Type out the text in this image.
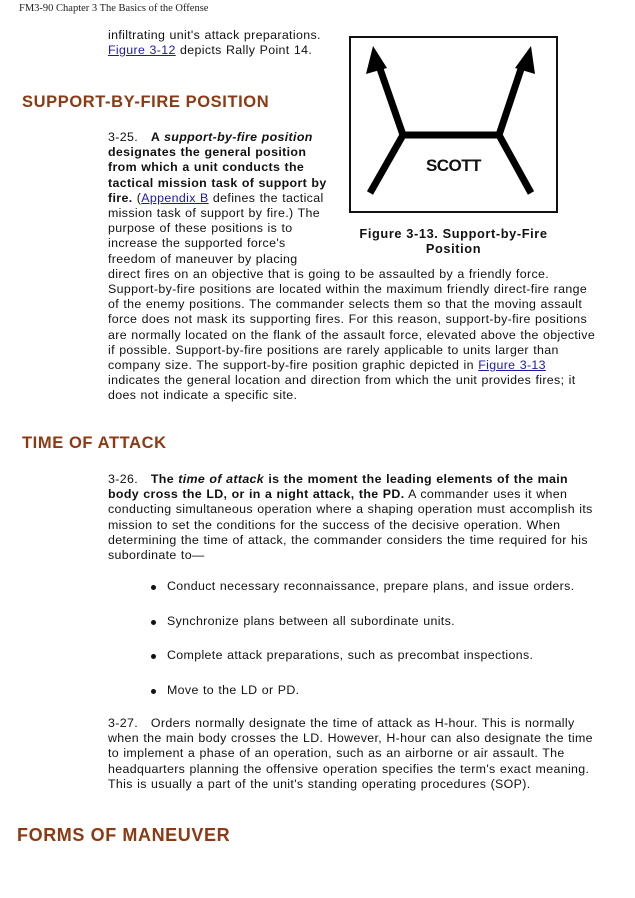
FM3-90 Chapter 3 The Basics of the Offense
infiltrating unit's attack preparations. Figure 3-12 depicts Rally Point 14.
SUPPORT-BY-FIRE POSITION
SCOTT
Figure 3-13. Support-by-Fire Position
3-25. A support-by-fire position designates the general position from which a unit conducts the tactical mission task of support by fire. (Appendix B defines the tactical mission task of support by fire.) The purpose of these positions is to increase the supported force's freedom of maneuver by placing direct fires on an objective that is going to be assaulted by a friendly force. Support-by-fire positions are located within the maximum friendly direct-fire range of the enemy positions. The commander selects them so that the moving assault force does not mask its supporting fires. For this reason, support-by-fire positions are normally located on the flank of the assault force, elevated above the objective if possible. Support-by-fire positions are rarely applicable to units larger than company size. The support-by-fire position graphic depicted in Figure 3-13 indicates the general location and direction from which the unit provides fires; it does not indicate a specific site.
TIME OF ATTACK
3-26. The time of attack is the moment the leading elements of the main body cross the LD, or in a night attack, the PD. A commander uses it when conducting simultaneous operation where a shaping operation must accomplish its mission to set the conditions for the success of the decisive operation. When determining the time of attack, the commander considers the time required for his subordinate to—
Conduct necessary reconnaissance, prepare plans, and issue orders.
Synchronize plans between all subordinate units.
Complete attack preparations, such as precombat inspections.
Move to the LD or PD.
3-27.   Orders normally designate the time of attack as H-hour. This is normally when the main body crosses the LD. However, H-hour can also designate the time to implement a phase of an operation, such as an airborne or air assault. The headquarters planning the offensive operation specifies the term's exact meaning. This is usually a part of the unit's standing operating procedures (SOP).
FORMS OF MANEUVER
